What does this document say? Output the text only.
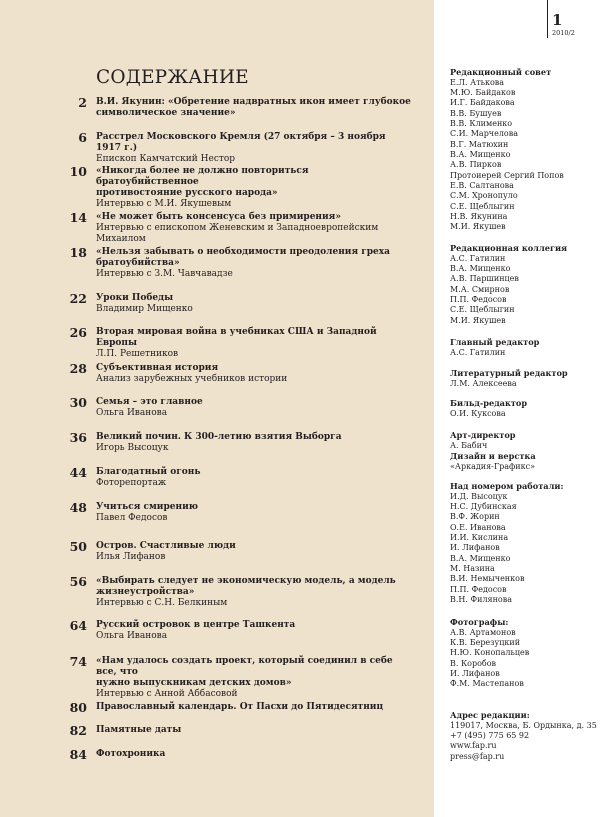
1
2010/2
СОДЕРЖАНИЕ
2 В.И. Якунин: «Обретение надвратных икон имеет глубокое
символическое значение»
6 Расстрел Московского Кремля (27 октября – 3 ноября 1917 г.)
Епископ Камчатский Нестор
10 «Никогда более не должно повториться братоубийственное
противостояние русского народа»
Интервью с М.И. Якушевым
14 «Не может быть консенсуса без примирения»
Интервью с епископом Женевским и Западноевропейским Михаилом
18 «Нельзя забывать о необходимости преодоления греха
братоубийства»
Интервью с З.М. Чавчавадзе
22 Уроки Победы
Владимир Мищенко
26 Вторая мировая война в учебниках США и Западной Европы
Л.П. Решетников
28 Субъективная история
Анализ зарубежных учебников истории
30 Семья – это главное
Ольга Иванова
36 Великий почин. К 300-летию взятия Выборга
Игорь Высоцук
44 Благодатный огонь
Фоторепортаж
48 Учиться смирению
Павел Федосов
50 Остров. Счастливые люди
Илья Лифанов
56 «Выбирать следует не экономическую модель, а модель
жизнеустройства»
Интервью с С.Н. Белкиным
64 Русский островок в центре Ташкента
Ольга Иванова
74 «Нам удалось создать проект, который соединил в себе все, что
нужно выпускникам детских домов»
Интервью с Анной Аббасовой
80 Православный календарь. От Пасхи до Пятидесятниц
82 Памятные даты
84 Фотохроника
Редакционный совет
Е.Л. Атькова
М.Ю. Байдаков
И.Г. Байдакова
В.В. Бушуев
В.В. Клименко
С.И. Марчелова
В.Г. Матюхин
В.А. Мищенко
А.В. Пирков
Протоиерей Сергий Попов
Е.В. Салтанова
С.М. Хронопуло
С.Е. Щеблыгин
Н.В. Якунина
М.И. Якушев
Редакционная коллегия
А.С. Гатилин
В.А. Мищенко
А.В. Паршинцев
М.А. Смирнов
П.П. Федосов
С.Е. Щеблыгин
М.И. Якушев
Главный редактор
А.С. Гатилин
Литературный редактор
Л.М. Алексеева
Бильд-редактор
О.И. Куксова
Арт-директор
А. Бабич
Дизайн и верстка
«Аркадия-Графикс»
Над номером работали:
И.Д. Высоцук
Н.С. Дубинская
В.Ф. Жорин
О.Е. Иванова
И.И. Кислина
И. Лифанов
В.А. Мищенко
М. Назина
В.И. Немыченков
П.П. Федосов
В.Н. Филянова
Фотографы:
А.В. Артамонов
К.В. Березуцкий
Н.Ю. Конопальцев
В. Коробов
И. Лифанов
Ф.М. Мастепанов
Адрес редакции:
119017, Москва, Б. Ордынка, д. 35
+7 (495) 775 65 92
www.fap.ru
press@fap.ru
